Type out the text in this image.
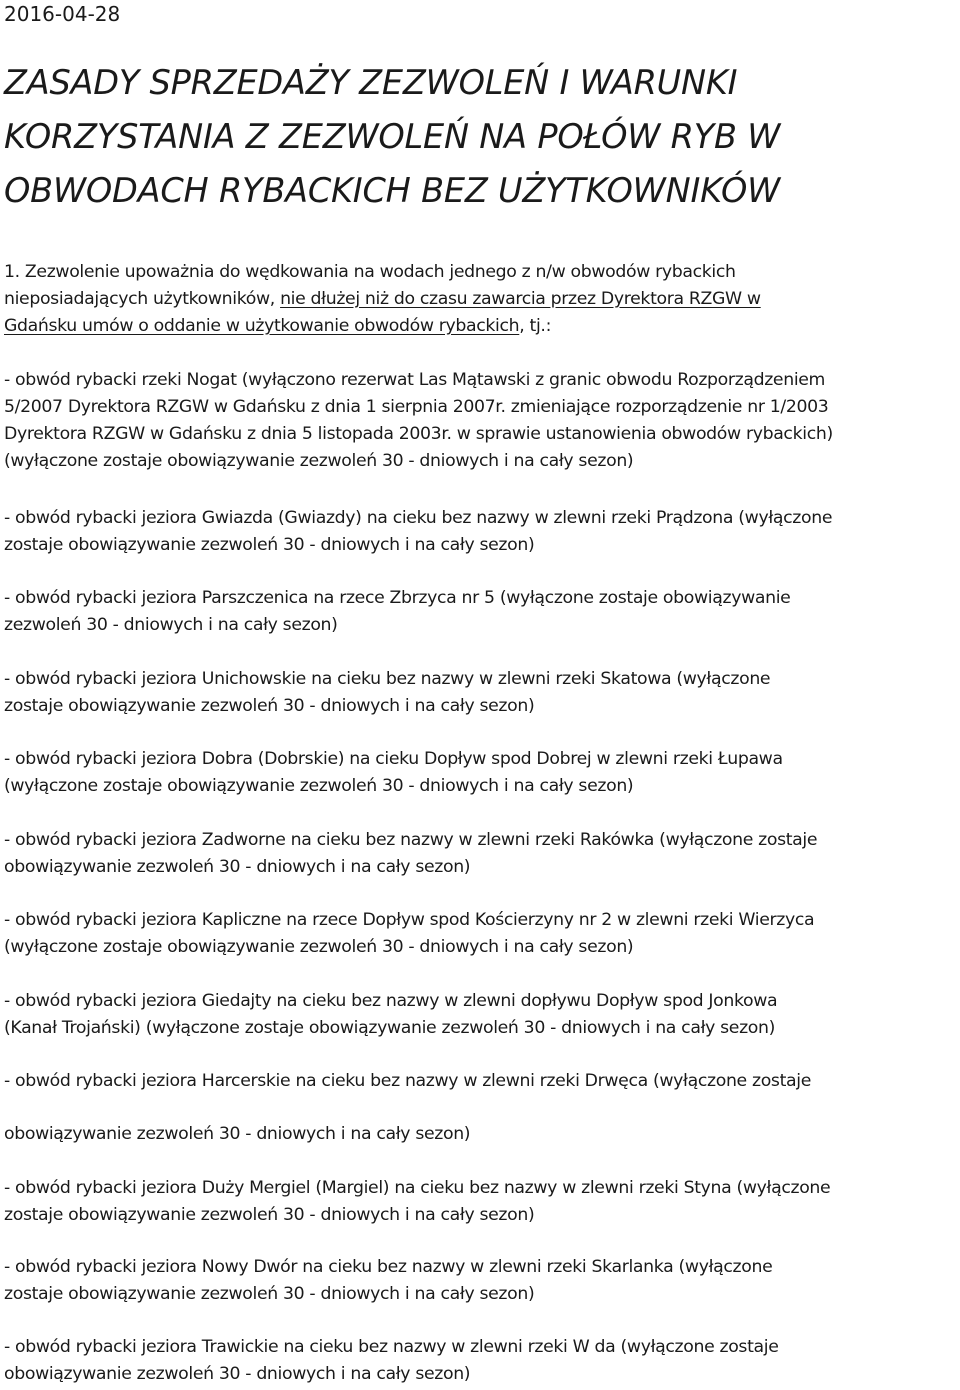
2016-04-28
ZASADY SPRZEDAŻY ZEZWOLEŃ I WARUNKI
KORZYSTANIA Z ZEZWOLEŃ NA POŁÓW RYB W
OBWODACH RYBACKICH BEZ UŻYTKOWNIKÓW
1. Zezwolenie upoważnia do wędkowania na wodach jednego z n/w obwodów rybackich
nieposiadających użytkowników, nie dłużej niż do czasu zawarcia przez Dyrektora RZGW w
Gdańsku umów o oddanie w użytkowanie obwodów rybackich, tj.:
- obwód rybacki rzeki Nogat (wyłączono rezerwat Las Mątawski z granic obwodu Rozporządzeniem
5/2007 Dyrektora RZGW w Gdańsku z dnia 1 sierpnia 2007r. zmieniające rozporządzenie nr 1/2003
Dyrektora RZGW w Gdańsku z dnia 5 listopada 2003r. w sprawie ustanowienia obwodów rybackich)
(wyłączone zostaje obowiązywanie zezwoleń 30 - dniowych i na cały sezon)
- obwód rybacki jeziora Gwiazda (Gwiazdy) na cieku bez nazwy w zlewni rzeki Prądzona (wyłączone
zostaje obowiązywanie zezwoleń 30 - dniowych i na cały sezon)
- obwód rybacki jeziora Parszczenica na rzece Zbrzyca nr 5 (wyłączone zostaje obowiązywanie
zezwoleń 30 - dniowych i na cały sezon)
- obwód rybacki jeziora Unichowskie na cieku bez nazwy w zlewni rzeki Skatowa (wyłączone
zostaje obowiązywanie zezwoleń 30 - dniowych i na cały sezon)
- obwód rybacki jeziora Dobra (Dobrskie) na cieku Dopływ spod Dobrej w zlewni rzeki Łupawa
(wyłączone zostaje obowiązywanie zezwoleń 30 - dniowych i na cały sezon)
- obwód rybacki jeziora Zadworne na cieku bez nazwy w zlewni rzeki Rakówka (wyłączone zostaje
obowiązywanie zezwoleń 30 - dniowych i na cały sezon)
- obwód rybacki jeziora Kapliczne na rzece Dopływ spod Kościerzyny nr 2 w zlewni rzeki Wierzyca
(wyłączone zostaje obowiązywanie zezwoleń 30 - dniowych i na cały sezon)
- obwód rybacki jeziora Giedajty na cieku bez nazwy w zlewni dopływu Dopływ spod Jonkowa
(Kanał Trojański) (wyłączone zostaje obowiązywanie zezwoleń 30 - dniowych i na cały sezon)
- obwód rybacki jeziora Harcerskie na cieku bez nazwy w zlewni rzeki Drwęca (wyłączone zostaje
obowiązywanie zezwoleń 30 - dniowych i na cały sezon)
- obwód rybacki jeziora Duży Mergiel (Margiel) na cieku bez nazwy w zlewni rzeki Styna (wyłączone
zostaje obowiązywanie zezwoleń 30 - dniowych i na cały sezon)
- obwód rybacki jeziora Nowy Dwór na cieku bez nazwy w zlewni rzeki Skarlanka (wyłączone
zostaje obowiązywanie zezwoleń 30 - dniowych i na cały sezon)
- obwód rybacki jeziora Trawickie na cieku bez nazwy w zlewni rzeki W da (wyłączone zostaje
obowiązywanie zezwoleń 30 - dniowych i na cały sezon)
